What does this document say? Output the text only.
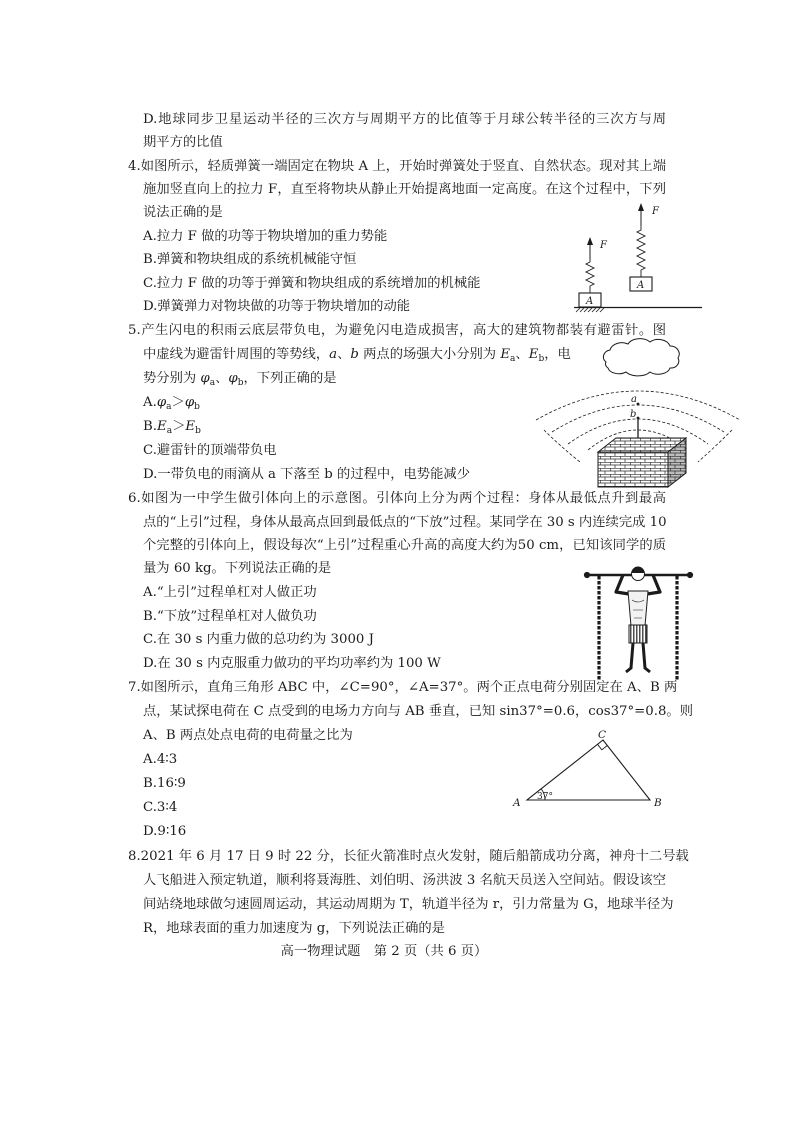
A
F
A
F
a
b
37°
A	B
C
D.地球同步卫星运动半径的三次方与周期平方的比值等于月球公转半径的三次方与周
期平方的比值
4.如图所示，轻质弹簧一端固定在物块 A 上，开始时弹簧处于竖直、自然状态。现对其上端
施加竖直向上的拉力 F，直至将物块从静止开始提离地面一定高度。在这个过程中，下列
说法正确的是
A.拉力 F 做的功等于物块增加的重力势能
B.弹簧和物块组成的系统机械能守恒
C.拉力 F 做的功等于弹簧和物块组成的系统增加的机械能
D.弹簧弹力对物块做的功等于物块增加的动能
5.产生闪电的积雨云底层带负电，为避免闪电造成损害，高大的建筑物都装有避雷针。图
中虚线为避雷针周围的等势线，a、b 两点的场强大小分别为 $E_a$、$E_b$，电
势分别为 $\varphi_a$、$\varphi_b$，下列正确的是
$A.\varphi_a>\varphi_b$
$B.E_a>E_b$
C.避雷针的顶端带负电
D.一带负电的雨滴从 a 下落至 b 的过程中，电势能减少
6.如图为一中学生做引体向上的示意图。引体向上分为两个过程：身体从最低点升到最高
点的“上引”过程，身体从最高点回到最低点的“下放”过程。某同学在 30 s 内连续完成 10
个完整的引体向上，假设每次“上引”过程重心升高的高度大约为50 cm，已知该同学的质
量为 60 kg。下列说法正确的是
A.“上引”过程单杠对人做正功
B.“下放”过程单杠对人做负功
C.在 30 s 内重力做的总功约为 3000 J
D.在 30 s 内克服重力做功的平均功率约为 100 W
7.如图所示，直角三角形 ABC 中，∠C=90°，∠A=37°。两个正点电荷分别固定在 A、B 两
点，某试探电荷在 C 点受到的电场力方向与 AB 垂直，已知 sin37°=0.6，cos37°=0.8。则
A、B 两点处点电荷的电荷量之比为
A.4∶3
B.16∶9
C.3∶4
D.9∶16
8.2021 年 6 月 17 日 9 时 22 分，长征火箭准时点火发射，随后船箭成功分离，神舟十二号载
人飞船进入预定轨道，顺利将聂海胜、刘伯明、汤洪波 3 名航天员送入空间站。假设该空
间站绕地球做匀速圆周运动，其运动周期为 T，轨道半径为 r，引力常量为 G，地球半径为
R，地球表面的重力加速度为 g，下列说法正确的是
高一物理试题　第 2 页（共 6 页）
